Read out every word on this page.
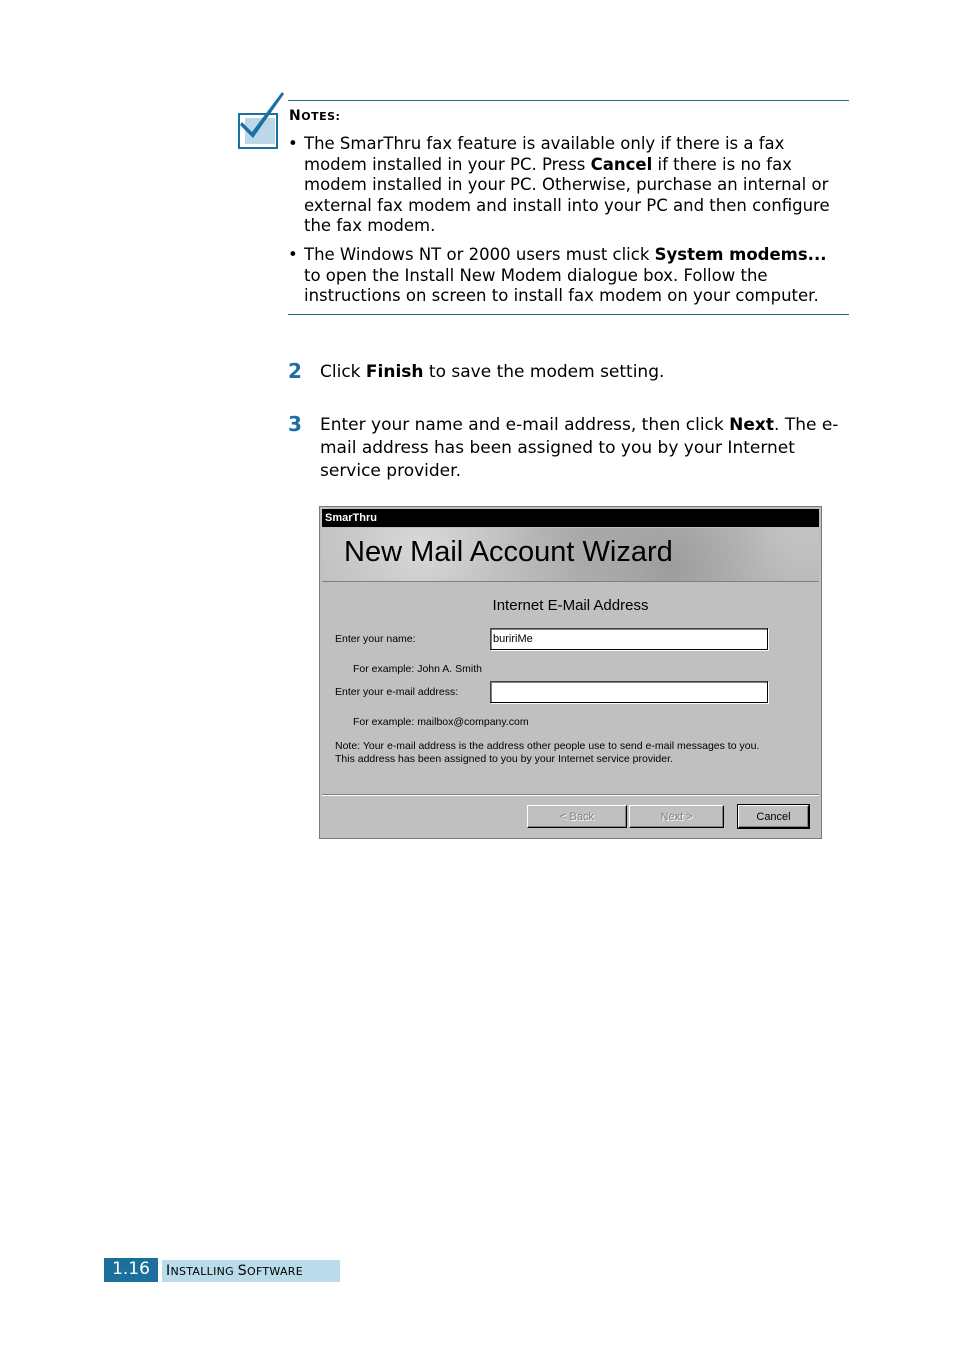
NOTES:
• The SmarThru fax feature is available only if there is a fax modem installed in your PC. Press Cancel if there is no fax modem installed in your PC. Otherwise, purchase an internal or external fax modem and install into your PC and then configure the fax modem.
• The Windows NT or 2000 users must click System modems... to open the Install New Modem dialogue box. Follow the instructions on screen to install fax modem on your computer.
2 Click Finish to save the modem setting.
3 Enter your name and e-mail address, then click Next. The e-mail address has been assigned to you by your Internet service provider.
SmarThru
New Mail Account Wizard
Internet E-Mail Address
Enter your name:
buririMe
For example: John A. Smith
Enter your e-mail address:
For example: mailbox@company.com
Note: Your e-mail address is the address other people use to send e-mail messages to you. This address has been assigned to you by your Internet service provider.
< Back	Next >	Cancel
1.16	INSTALLING SOFTWARE
